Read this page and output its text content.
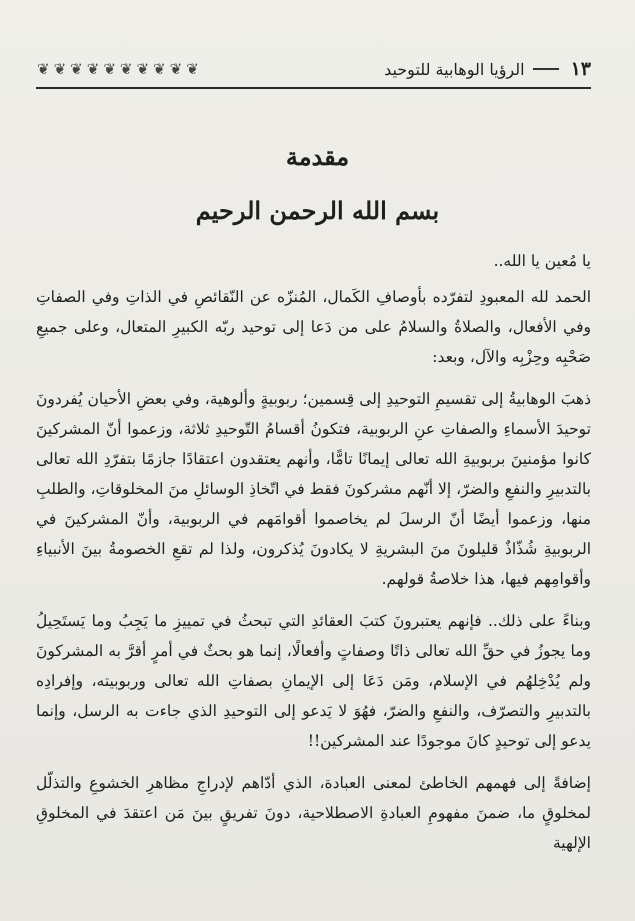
١٣
الرؤيا الوهابية للتوحيد
❦❦❦❦❦❦❦❦❦❦
مقدمة
بسم الله الرحمن الرحيم

يا مُعين يا الله..

الحمد لله المعبودِ لتفرّده بأوصافِ الكَمال، المُنزّه عن النّقائصِ في الذاتِ وفي الصفاتِ وفي الأفعال، والصلاةُ والسلامُ على من دَعا إلى توحيد ربّه الكبيرِ المتعال، وعلى جميعِ صَحْبِه وحِزْبِه والآل، وبعد:

ذهبَ الوهابيةُ إلى تقسيمِ التوحيدِ إلى قِسمين؛ ربوبيةٍ وألوهية، وفي بعضِ الأحيان يُفردونَ توحيدَ الأسماءِ والصفاتِ عنِ الربوبية، فتكونُ أقسامُ التّوحيدِ ثلاثة، وزعموا أنّ المشركينَ كانوا مؤمنينَ بربوبيةِ الله تعالى إيمانًا تامًّا، وأنهم يعتقدون اعتقادًا جازمًا بتفرّدِ الله تعالى بالتدبيرِ والنفعِ والضرّ، إلا أنّهم مشركونَ فقط في اتّخاذِ الوسائلِ منَ المخلوقاتِ، والطلبِ منها، وزعموا أيضًا أنّ الرسلَ لم يخاصموا أقوامَهم في الربوبية، وأنّ المشركينَ في الربوبيةِ شُذّاذٌ قليلونَ منَ البشريةِ لا يكادونَ يُذكرون، ولذا لم تقعِ الخصومةُ بينَ الأنبياءِ وأقوامِهم فيها، هذا خلاصةُ قولهم.

وبناءً على ذلك.. فإنهم يعتبرونَ كتبَ العقائدِ التي تبحثُ في تمييزِ ما يَجِبُ وما يَستَحِيلُ وما يجوزُ في حقِّ الله تعالى ذاتًا وصفاتٍ وأفعالًا، إنما هو بحثٌ في أمرٍ أقرَّ به المشركونَ ولم يُدْخِلهُم في الإسلام، ومَن دَعَا إلى الإيمانِ بصفاتِ الله تعالى وربوبيته، وإفرادِه بالتدبيرِ والتصرّف، والنفعِ والضرّ، فهُوَ لا يَدعو إلى التوحيدِ الذي جاءت به الرسل، وإنما يدعو إلى توحيدٍ كانَ موجودًا عند المشركين!!

إضافةً إلى فهمهم الخاطئ لمعنى العبادة، الذي أدّاهم لإدراجِ مظاهرِ الخشوعِ والتذلّل لمخلوقٍ ما، ضمنَ مفهومِ العبادةِ الاصطلاحية، دونَ تفريقٍ بينَ مَن اعتقدَ في المخلوقِ الإلهية
